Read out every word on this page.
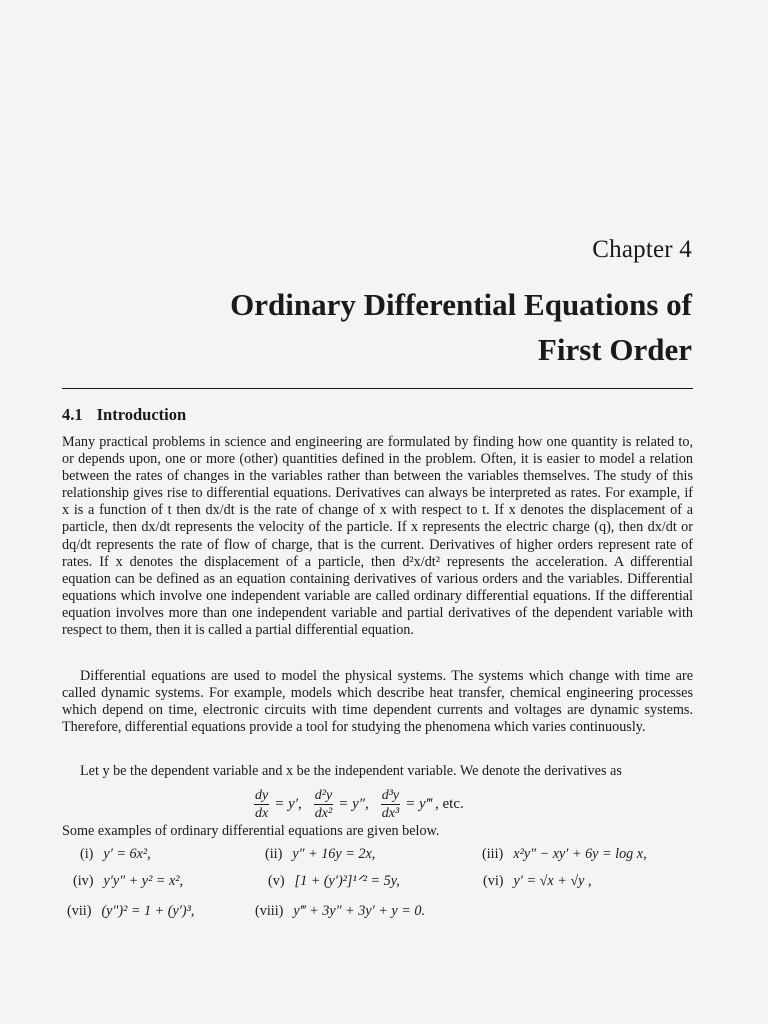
Chapter 4
Ordinary Differential Equations of
First Order
4.1 Introduction

Many practical problems in science and engineering are formulated by finding how one quantity is related to, or depends upon, one or more (other) quantities defined in the problem. Often, it is easier to model a relation between the rates of changes in the variables rather than between the variables themselves. The study of this relationship gives rise to differential equations. Derivatives can always be interpreted as rates. For example, if x is a function of t then dx/dt is the rate of change of x with respect to t. If x denotes the displacement of a particle, then dx/dt represents the velocity of the particle. If x represents the electric charge (q), then dx/dt or dq/dt represents the rate of flow of charge, that is the current. Derivatives of higher orders represent rate of rates. If x denotes the displacement of a particle, then d²x/dt² represents the acceleration. A differential equation can be defined as an equation containing derivatives of various orders and the variables. Differential equations which involve one independent variable are called ordinary differential equations. If the differential equation involves more than one independent variable and partial derivatives of the dependent variable with respect to them, then it is called a partial differential equation.

Differential equations are used to model the physical systems. The systems which change with time are called dynamic systems. For example, models which describe heat transfer, chemical engineering processes which depend on time, electronic circuits with time dependent currents and voltages are dynamic systems. Therefore, differential equations provide a tool for studying the phenomena which varies continuously.

Let y be the dependent variable and x be the independent variable. We denote the derivatives as

$\frac{dy}{dx} = y'$, $\frac{\text{d²y}}{\text{dx²}} = y''$, $\frac{\text{d³y}}{\text{dx³}}$ = y‴ , etc.
Some examples of ordinary differential equations are given below.
(i) y′ = 6x²,	(ii) y″ + 16y = 2x,	(iii) x²y″ − xy′ + 6y = log x,
(iv) y′y″ + y² = x²,	(v) [1 + (y′)²]¹ᐟ² = 5y,	(vi) y′ = √x + √y ,
(vii) (y″)² = 1 + (y′)³,	(viii) y‴ + 3y″ + 3y′ + y = 0.
